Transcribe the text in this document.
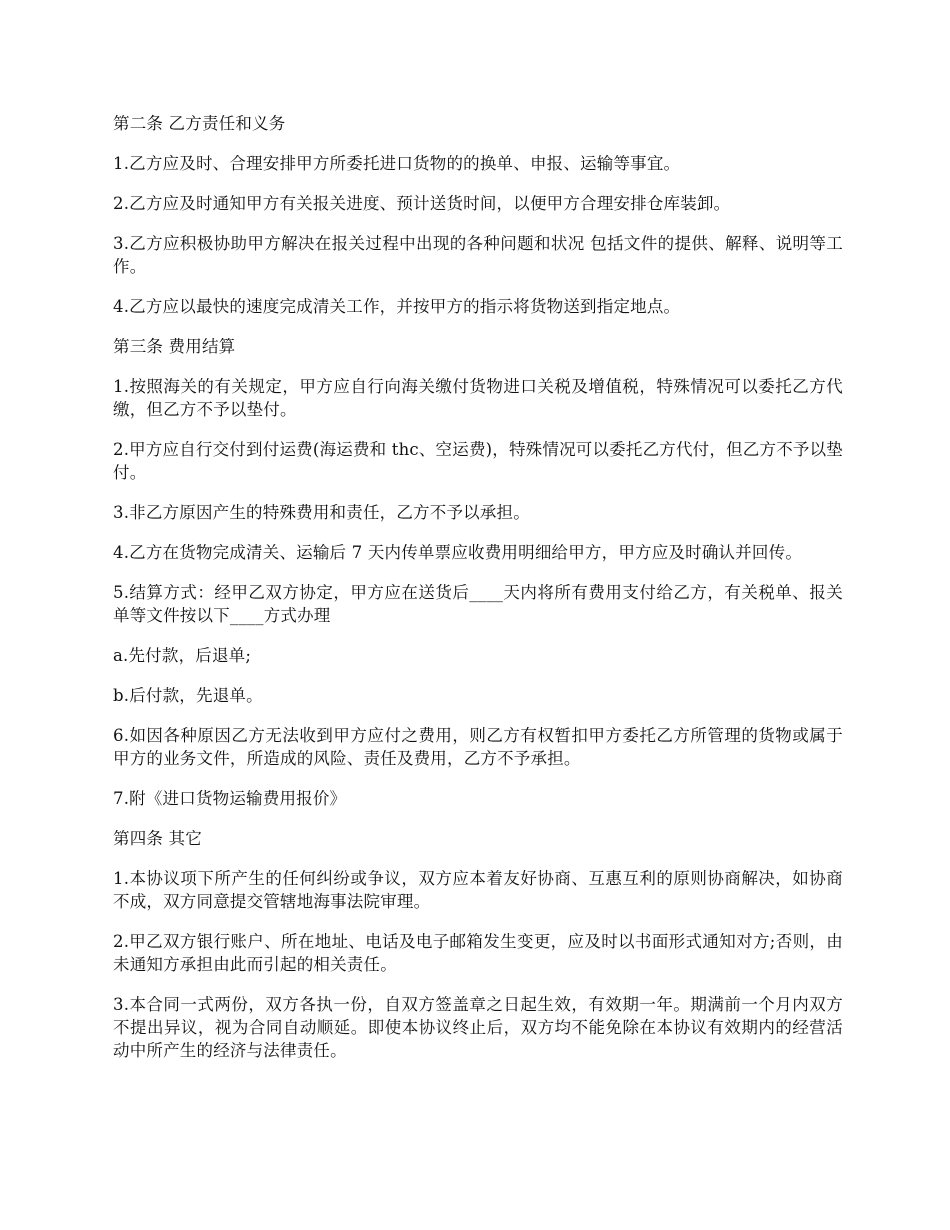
第二条 乙方责任和义务

1.乙方应及时、合理安排甲方所委托进口货物的的换单、申报、运输等事宜。

2.乙方应及时通知甲方有关报关进度、预计送货时间，以便甲方合理安排仓库装卸。

3.乙方应积极协助甲方解决在报关过程中出现的各种问题和状况 包括文件的提供、解释、说明等工作。

4.乙方应以最快的速度完成清关工作，并按甲方的指示将货物送到指定地点。

第三条 费用结算

1.按照海关的有关规定，甲方应自行向海关缴付货物进口关税及增值税，特殊情况可以委托乙方代缴，但乙方不予以垫付。

2.甲方应自行交付到付运费(海运费和 thc、空运费)，特殊情况可以委托乙方代付，但乙方不予以垫付。

3.非乙方原因产生的特殊费用和责任，乙方不予以承担。

4.乙方在货物完成清关、运输后 7 天内传单票应收费用明细给甲方，甲方应及时确认并回传。

5.结算方式：经甲乙双方协定，甲方应在送货后____天内将所有费用支付给乙方，有关税单、报关单等文件按以下____方式办理

a.先付款，后退单;

b.后付款，先退单。

6.如因各种原因乙方无法收到甲方应付之费用，则乙方有权暂扣甲方委托乙方所管理的货物或属于甲方的业务文件，所造成的风险、责任及费用，乙方不予承担。

7.附《进口货物运输费用报价》

第四条 其它

1.本协议项下所产生的任何纠纷或争议，双方应本着友好协商、互惠互利的原则协商解决，如协商不成，双方同意提交管辖地海事法院审理。

2.甲乙双方银行账户、所在地址、电话及电子邮箱发生变更，应及时以书面形式通知对方;否则，由未通知方承担由此而引起的相关责任。

3.本合同一式两份，双方各执一份，自双方签盖章之日起生效，有效期一年。期满前一个月内双方不提出异议，视为合同自动顺延。即使本协议终止后，双方均不能免除在本协议有效期内的经营活动中所产生的经济与法律责任。
